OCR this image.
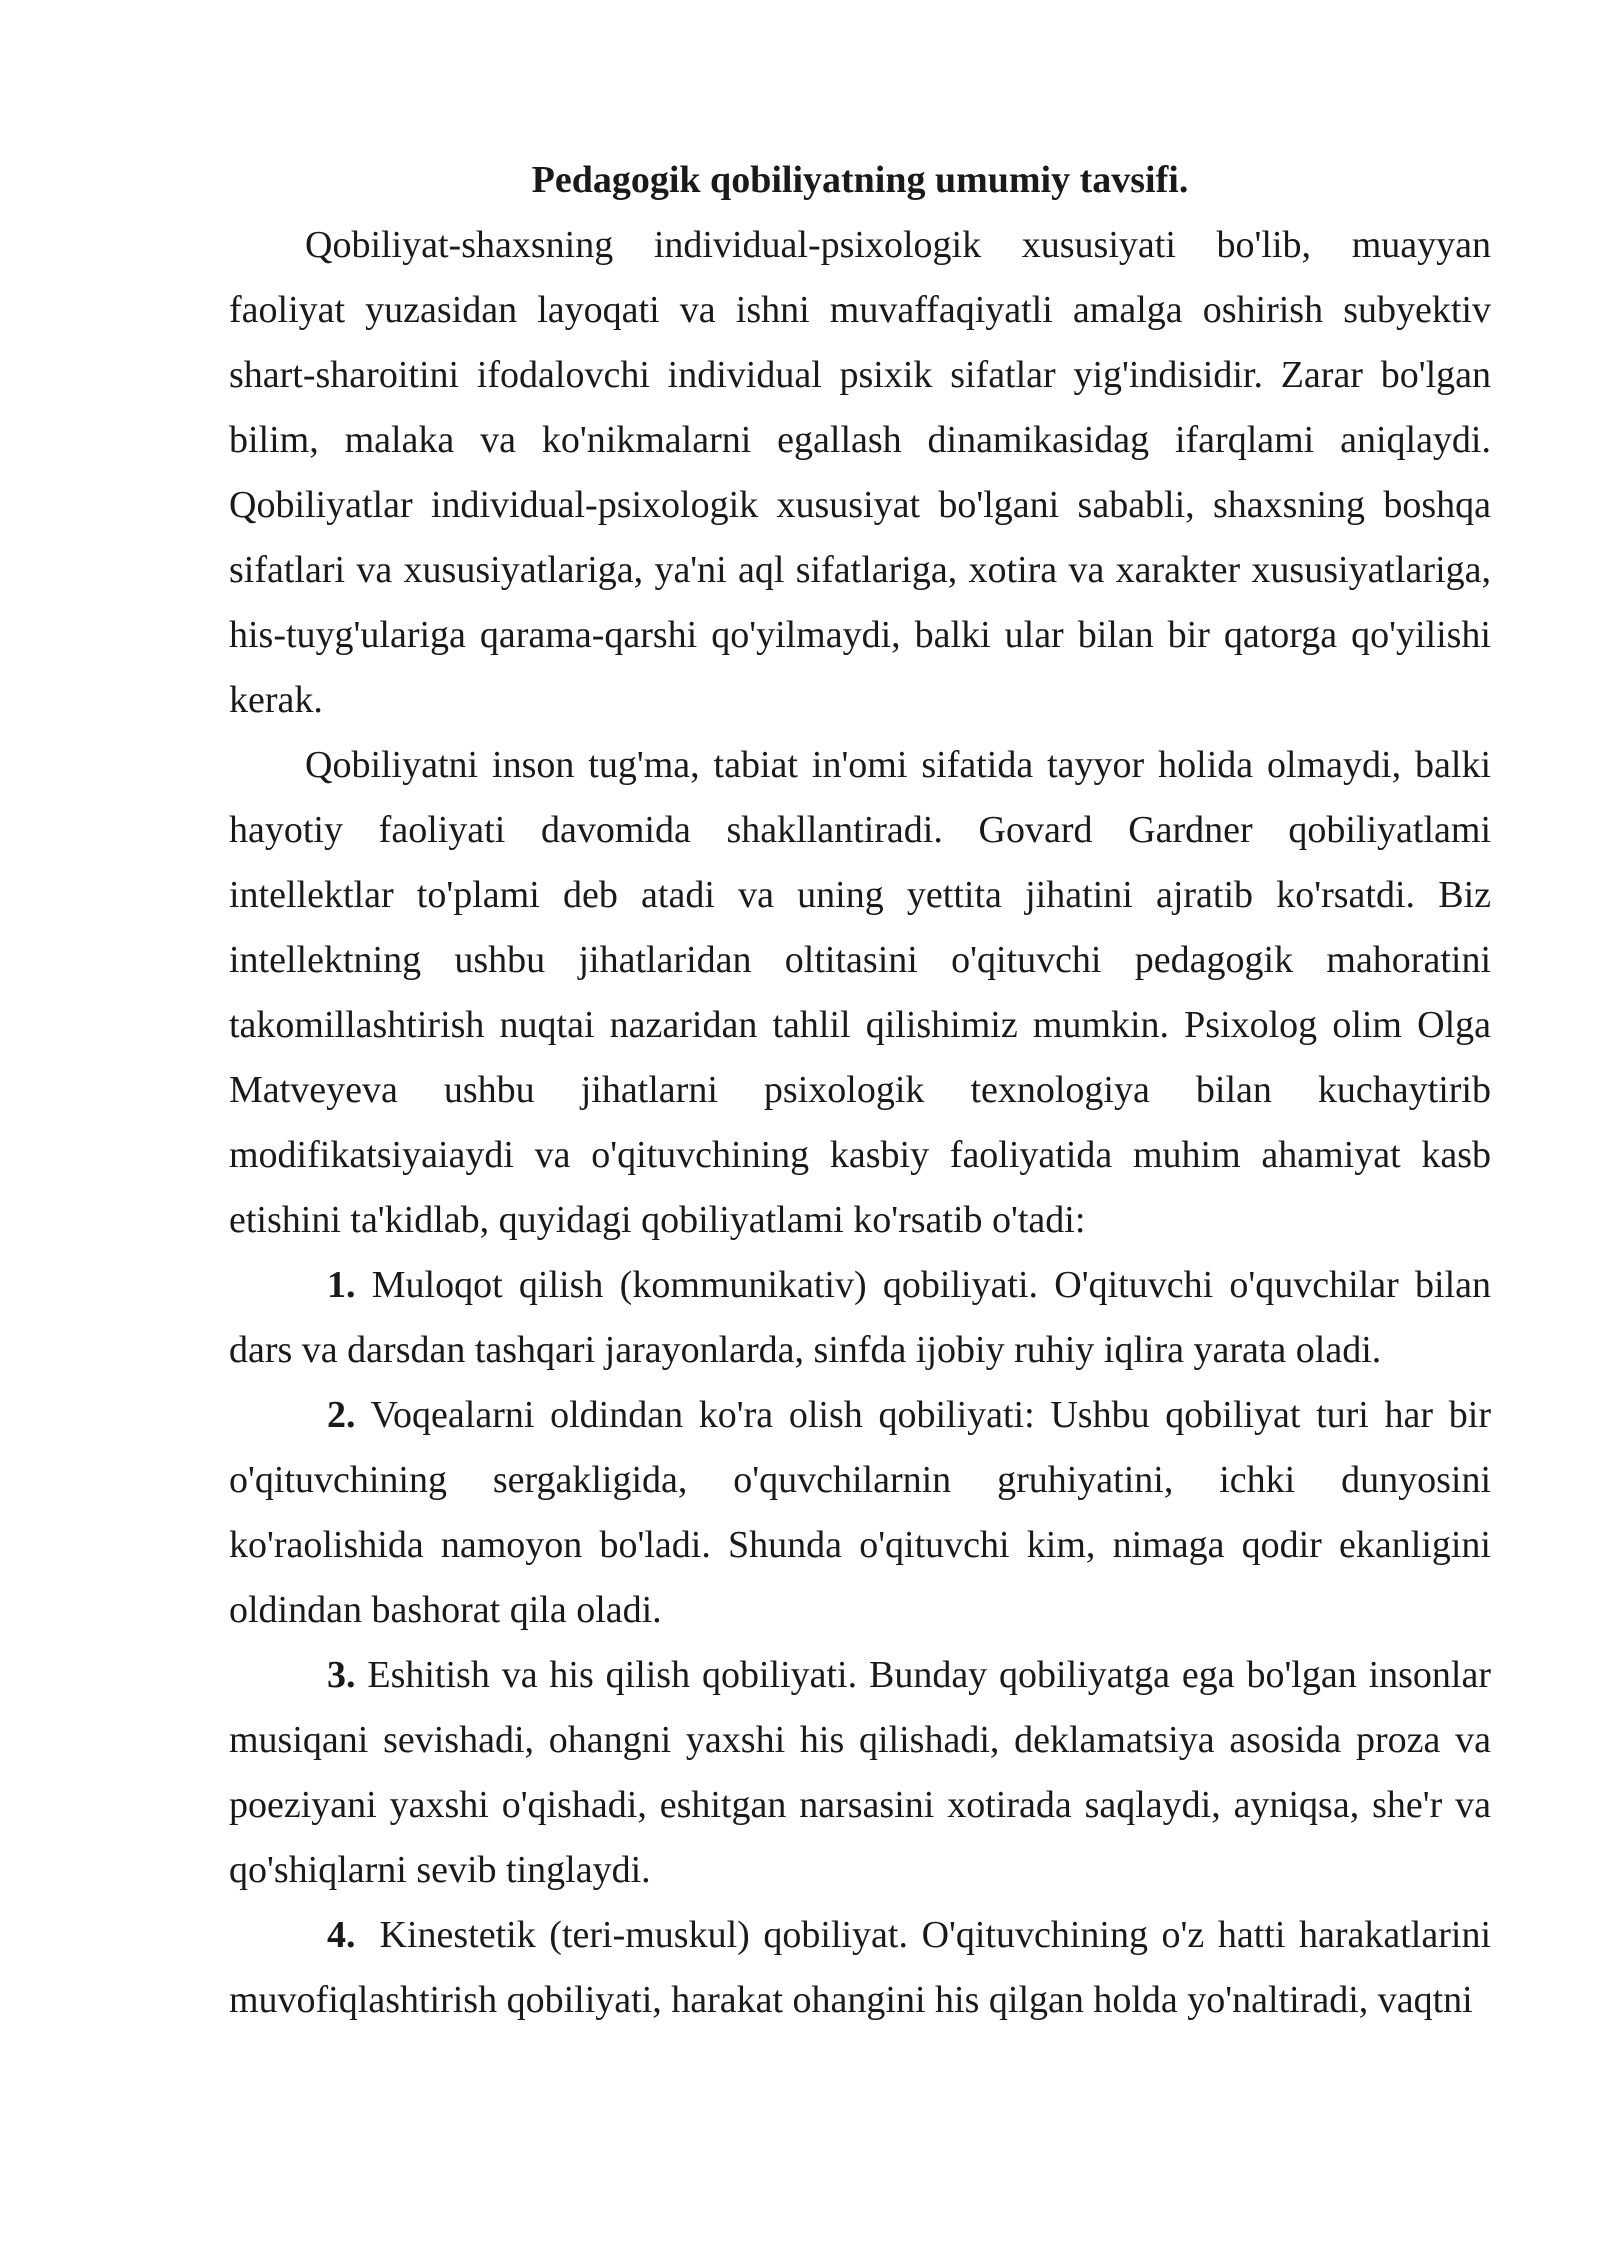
Pedagogik qobiliyatning umumiy tavsifi.

Qobiliyat-shaxsning individual-psixologik xususiyati bo'lib, muayyan faoliyat yuzasidan layoqati va ishni muvaffaqiyatli amalga oshirish subyektiv shart-sharoitini ifodalovchi individual psixik sifatlar yig'indisidir. Zarar bo'lgan bilim, malaka va ko'nikmalarni egallash dinamikasidag ifarqlami aniqlaydi. Qobiliyatlar individual-psixologik xususiyat bo'lgani sababli, shaxsning boshqa sifatlari va xususiyatlariga, ya'ni aql sifatlariga, xotira va xarakter xususiyatlariga, his-tuyg'ulariga qarama-qarshi qo'yilmaydi, balki ular bilan bir qatorga qo'yilishi kerak.

Qobiliyatni inson tug'ma, tabiat in'omi sifatida tayyor holida olmaydi, balki hayotiy faoliyati davomida shakllantiradi. Govard Gardner qobiliyatlami intellektlar to'plami deb atadi va uning yettita jihatini ajratib ko'rsatdi. Biz intellektning ushbu jihatlaridan oltitasini o'qituvchi pedagogik mahoratini takomillashtirish nuqtai nazaridan tahlil qilishimiz mumkin. Psixolog olim Olga Matveyeva ushbu jihatlarni psixologik texnologiya bilan kuchaytirib modifikatsiyaiaydi va o'qituvchining kasbiy faoliyatida muhim ahamiyat kasb etishini ta'kidlab, quyidagi qobiliyatlami ko'rsatib o'tadi:

1. Muloqot qilish (kommunikativ) qobiliyati. O'qituvchi o'quvchilar bilan dars va darsdan tashqari jarayonlarda, sinfda ijobiy ruhiy iqlira yarata oladi.

2. Voqealarni oldindan ko'ra olish qobiliyati: Ushbu qobiliyat turi har bir o'qituvchining sergakligida, o'quvchilarnin gruhiyatini, ichki dunyosini ko'raolishida namoyon bo'ladi. Shunda o'qituvchi kim, nimaga qodir ekanligini oldindan bashorat qila oladi.

3. Eshitish va his qilish qobiliyati. Bunday qobiliyatga ega bo'lgan insonlar musiqani sevishadi, ohangni yaxshi his qilishadi, deklamatsiya asosida proza va poeziyani yaxshi o'qishadi, eshitgan narsasini xotirada saqlaydi, ayniqsa, she'r va qo'shiqlarni sevib tinglaydi.

4. Kinestetik (teri-muskul) qobiliyat. O'qituvchining o'z hatti harakatlarini muvofiqlashtirish qobiliyati, harakat ohangini his qilgan holda yo'naltiradi, vaqtni
